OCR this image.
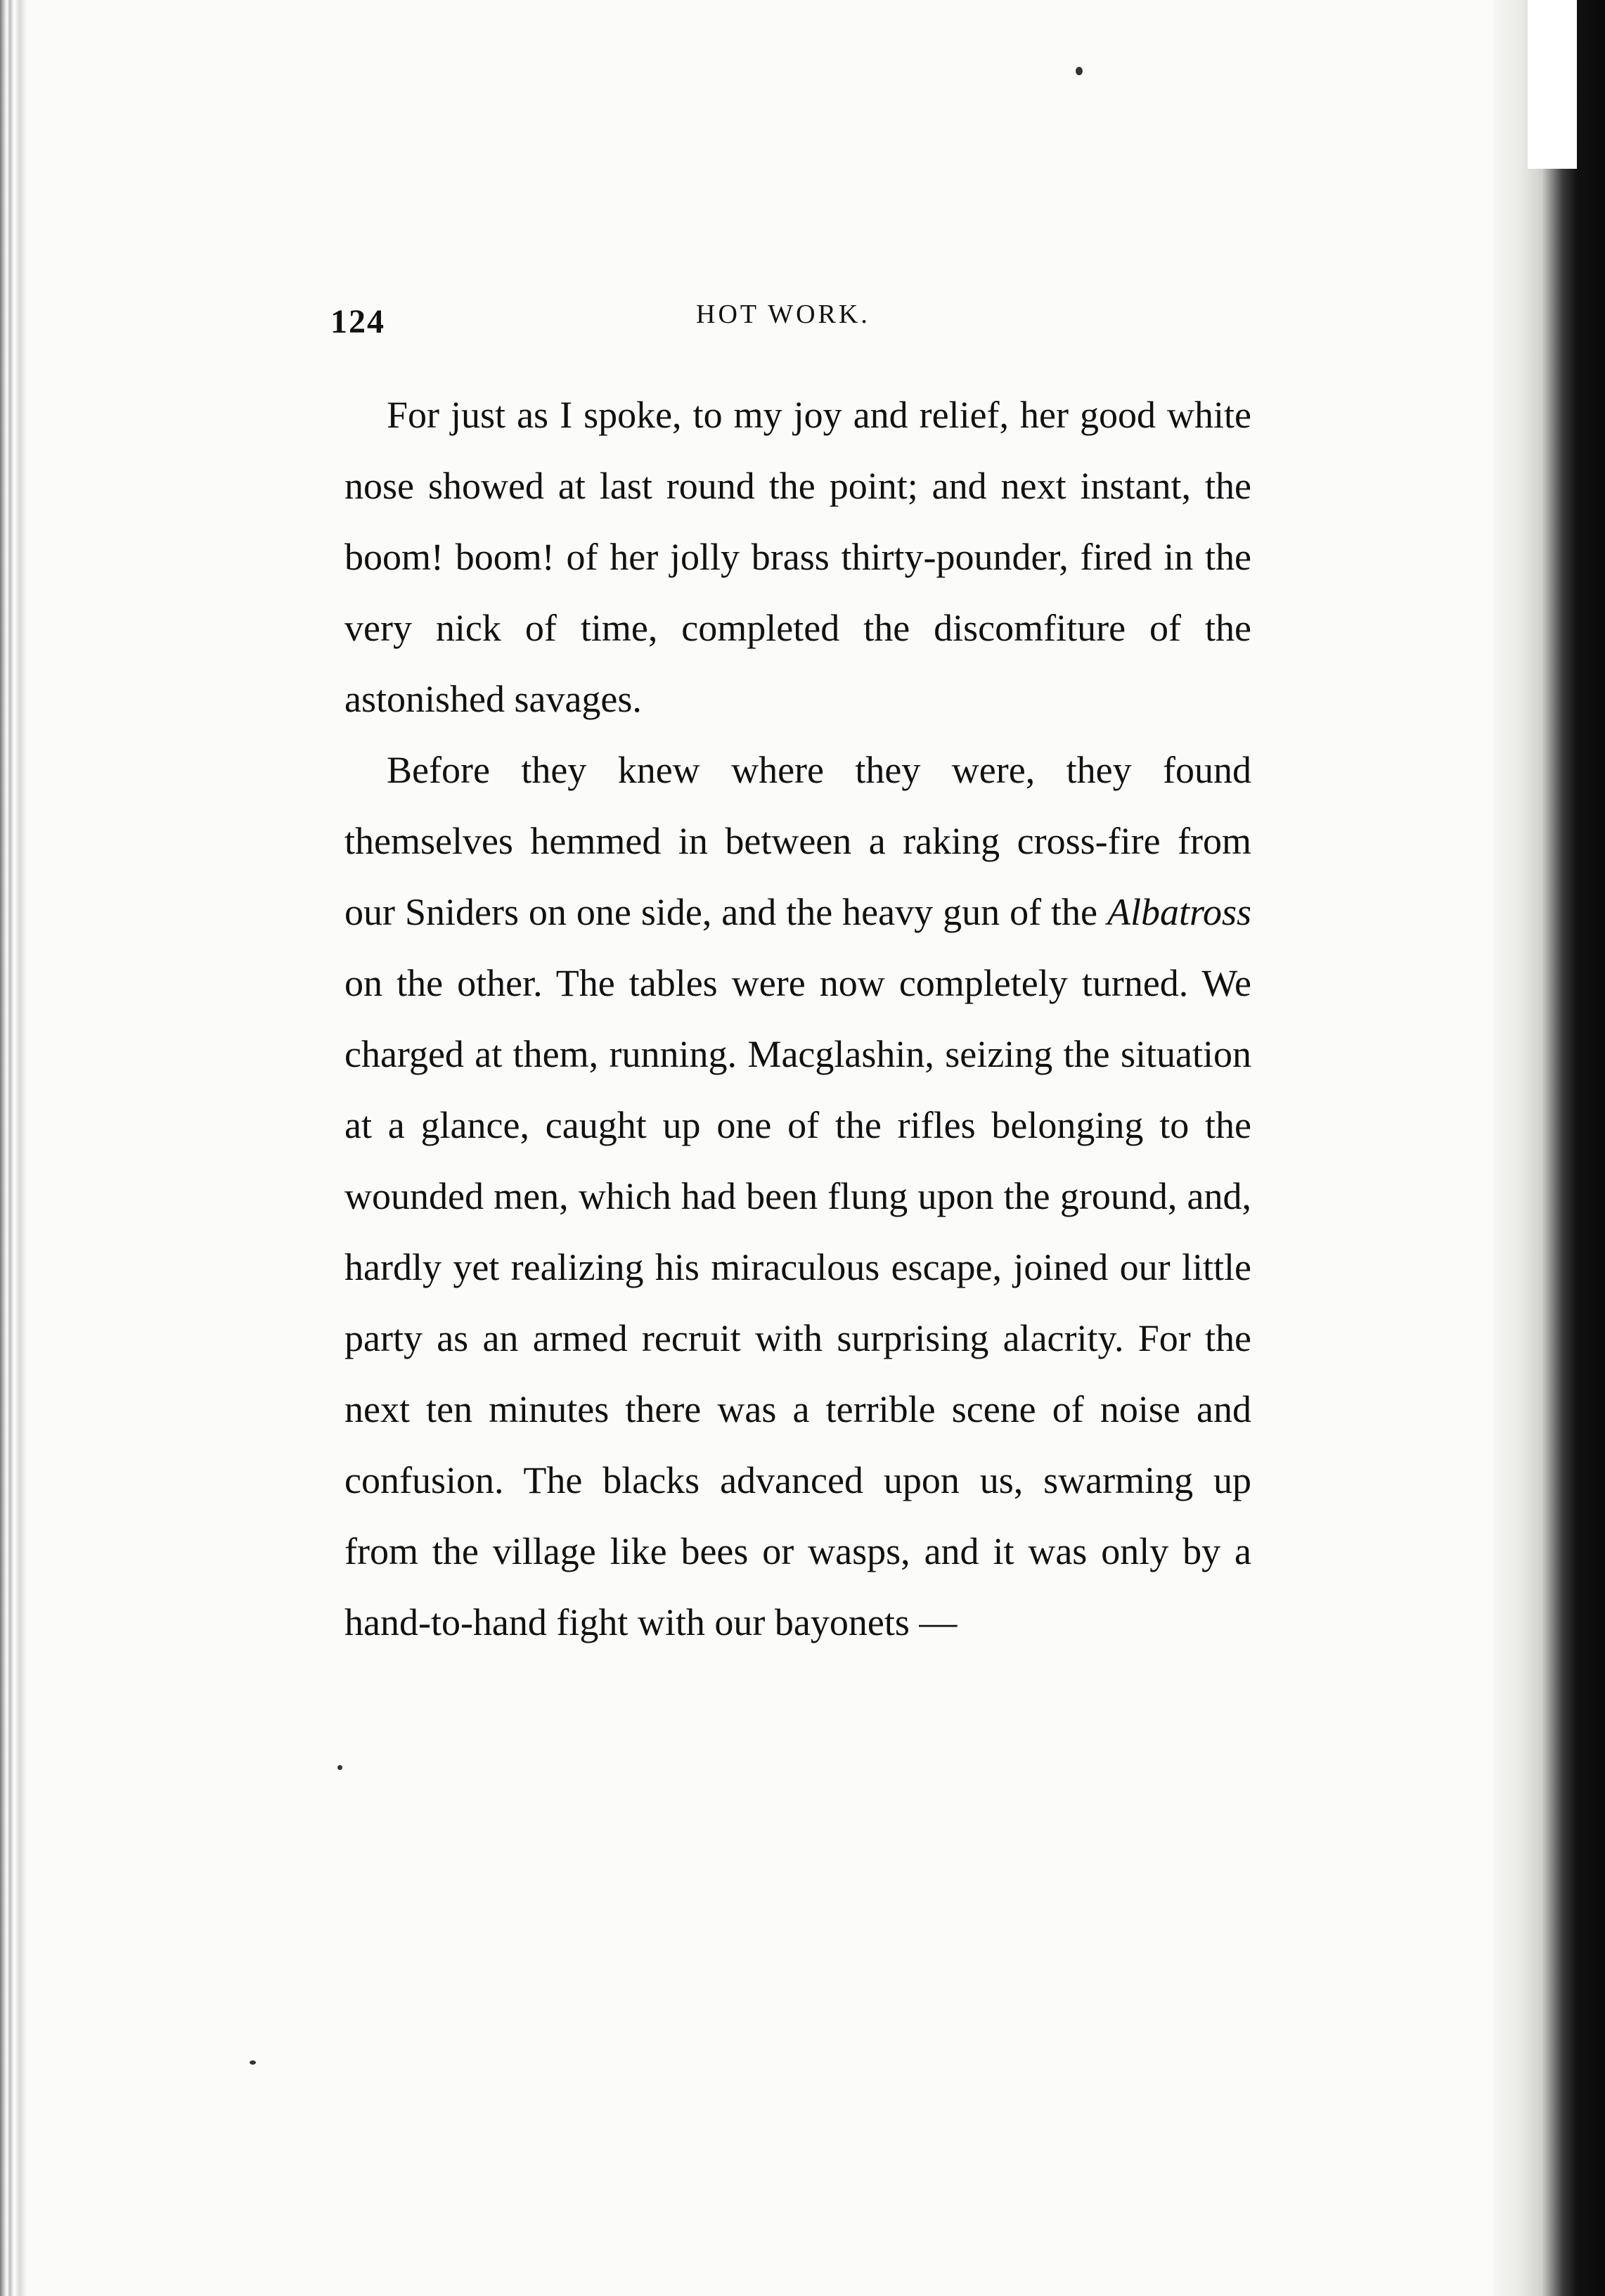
124	HOT WORK.

For just as I spoke, to my joy and relief, her good white nose showed at last round the point; and next instant, the boom! boom! of her jolly brass thirty-pounder, fired in the very nick of time, completed the discomfiture of the astonished savages.

Before they knew where they were, they found themselves hemmed in between a raking cross-fire from our Sniders on one side, and the heavy gun of the Albatross on the other. The tables were now completely turned. We charged at them, running. Macglashin, seizing the situation at a glance, caught up one of the rifles belonging to the wounded men, which had been flung upon the ground, and, hardly yet realizing his miraculous escape, joined our little party as an armed recruit with surprising alacrity. For the next ten minutes there was a terrible scene of noise and confusion. The blacks advanced upon us, swarming up from the village like bees or wasps, and it was only by a hand-to-hand fight with our bayonets —
